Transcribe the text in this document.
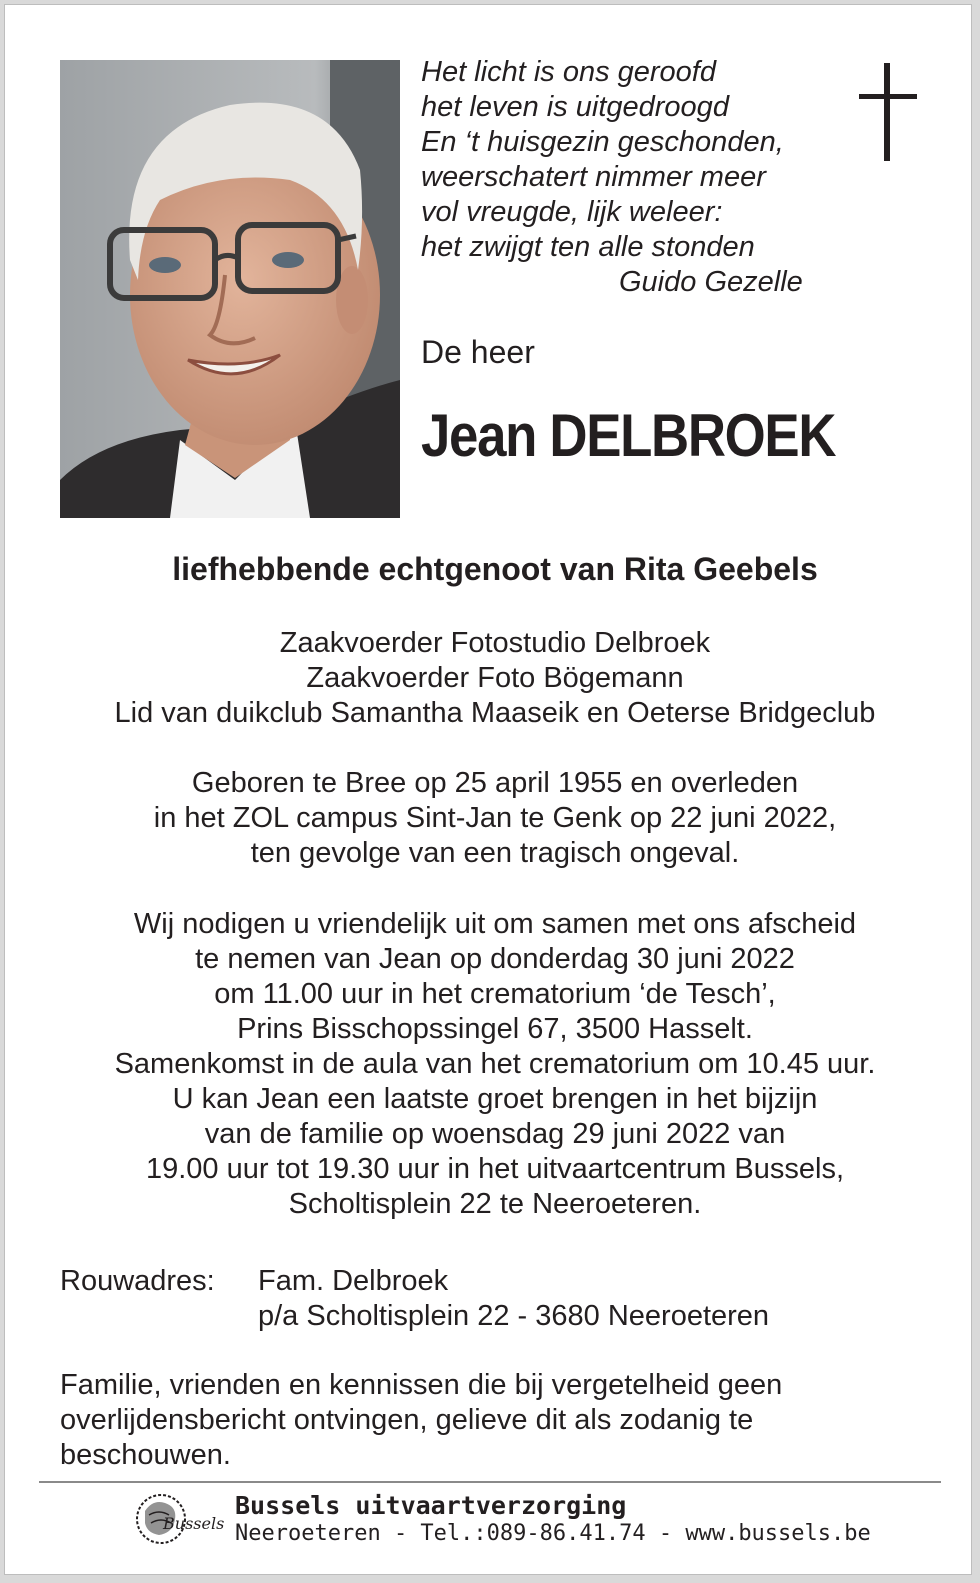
Het licht is ons geroofd
het leven is uitgedroogd
En ‘t huisgezin geschonden,
weerschatert nimmer meer
vol vreugde, lijk weleer:
het zwijgt ten alle stonden
Guido Gezelle
De heer
Jean DELBROEK
liefhebbende echtgenoot van Rita Geebels
Zaakvoerder Fotostudio Delbroek
Zaakvoerder Foto Bögemann
Lid van duikclub Samantha Maaseik en Oeterse Bridgeclub
Geboren te Bree op 25 april 1955 en overleden
in het ZOL campus Sint-Jan te Genk op 22 juni 2022,
ten gevolge van een tragisch ongeval.
Wij nodigen u vriendelijk uit om samen met ons afscheid
te nemen van Jean op donderdag 30 juni 2022
om 11.00 uur in het crematorium ‘de Tesch’,
Prins Bisschopssingel 67, 3500 Hasselt.
Samenkomst in de aula van het crematorium om 10.45 uur.
U kan Jean een laatste groet brengen in het bijzijn
van de familie op woensdag 29 juni 2022 van
19.00 uur tot 19.30 uur in het uitvaartcentrum Bussels,
Scholtisplein 22 te Neeroeteren.
Rouwadres: Fam. Delbroek
p/a Scholtisplein 22 - 3680 Neeroeteren
Familie, vrienden en kennissen die bij vergetelheid geen
overlijdensbericht ontvingen, gelieve dit als zodanig te
beschouwen.
Bussels
Bussels uitvaartverzorging
Neeroeteren - Tel.:089-86.41.74 - www.bussels.be
